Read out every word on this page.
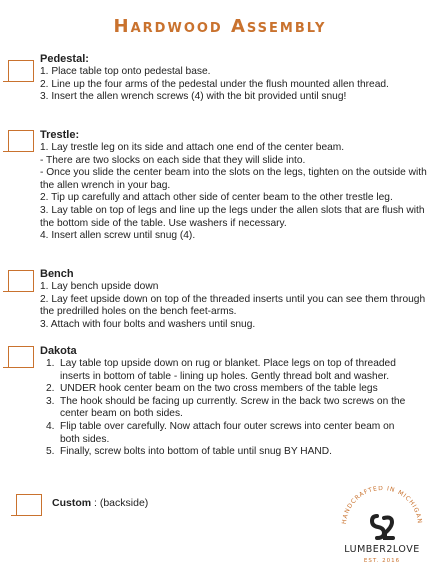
Hardwood Assembly
Pedestal:

1. Place table top onto pedestal base.

2. Line up the four arms of the pedestal under the flush mounted allen thread.

3. Insert the allen wrench screws (4) with the bit provided until snug!

Trestle:

1. Lay trestle leg on its side and attach one end of the center beam.

- There are two slocks on each side that they will slide into.

- Once you slide the center beam into the slots on the legs, tighten on the outside with the allen wrench in your bag.

2. Tip up carefully and attach other side of center beam to the other trestle leg.

3. Lay table on top of legs and line up the legs under the allen slots that are flush with the bottom side of the table. Use washers if necessary.

4. Insert allen screw until snug (4).

Bench

1. Lay bench upside down

2. Lay feet upside down on top of the threaded inserts until you can see them through the predrilled holes on the bench feet-arms.

3. Attach with four bolts and washers until snug.

Dakota
1. Lay table top upside down on rug or blanket. Place legs on top of threaded inserts in bottom of table - lining up holes. Gently thread bolt and washer.
2. UNDER hook center beam on the two cross members of the table legs
3. The hook should be facing up currently. Screw in the back two screws on the center beam on both sides.
4. Flip table over carefully. Now attach four outer screws into center beam on both sides.
5. Finally, screw bolts into bottom of table until snug BY HAND.
Custom : (backside)
HANDCRAFTED IN MICHIGAN
LUMBER2LOVE
EST. 2016
